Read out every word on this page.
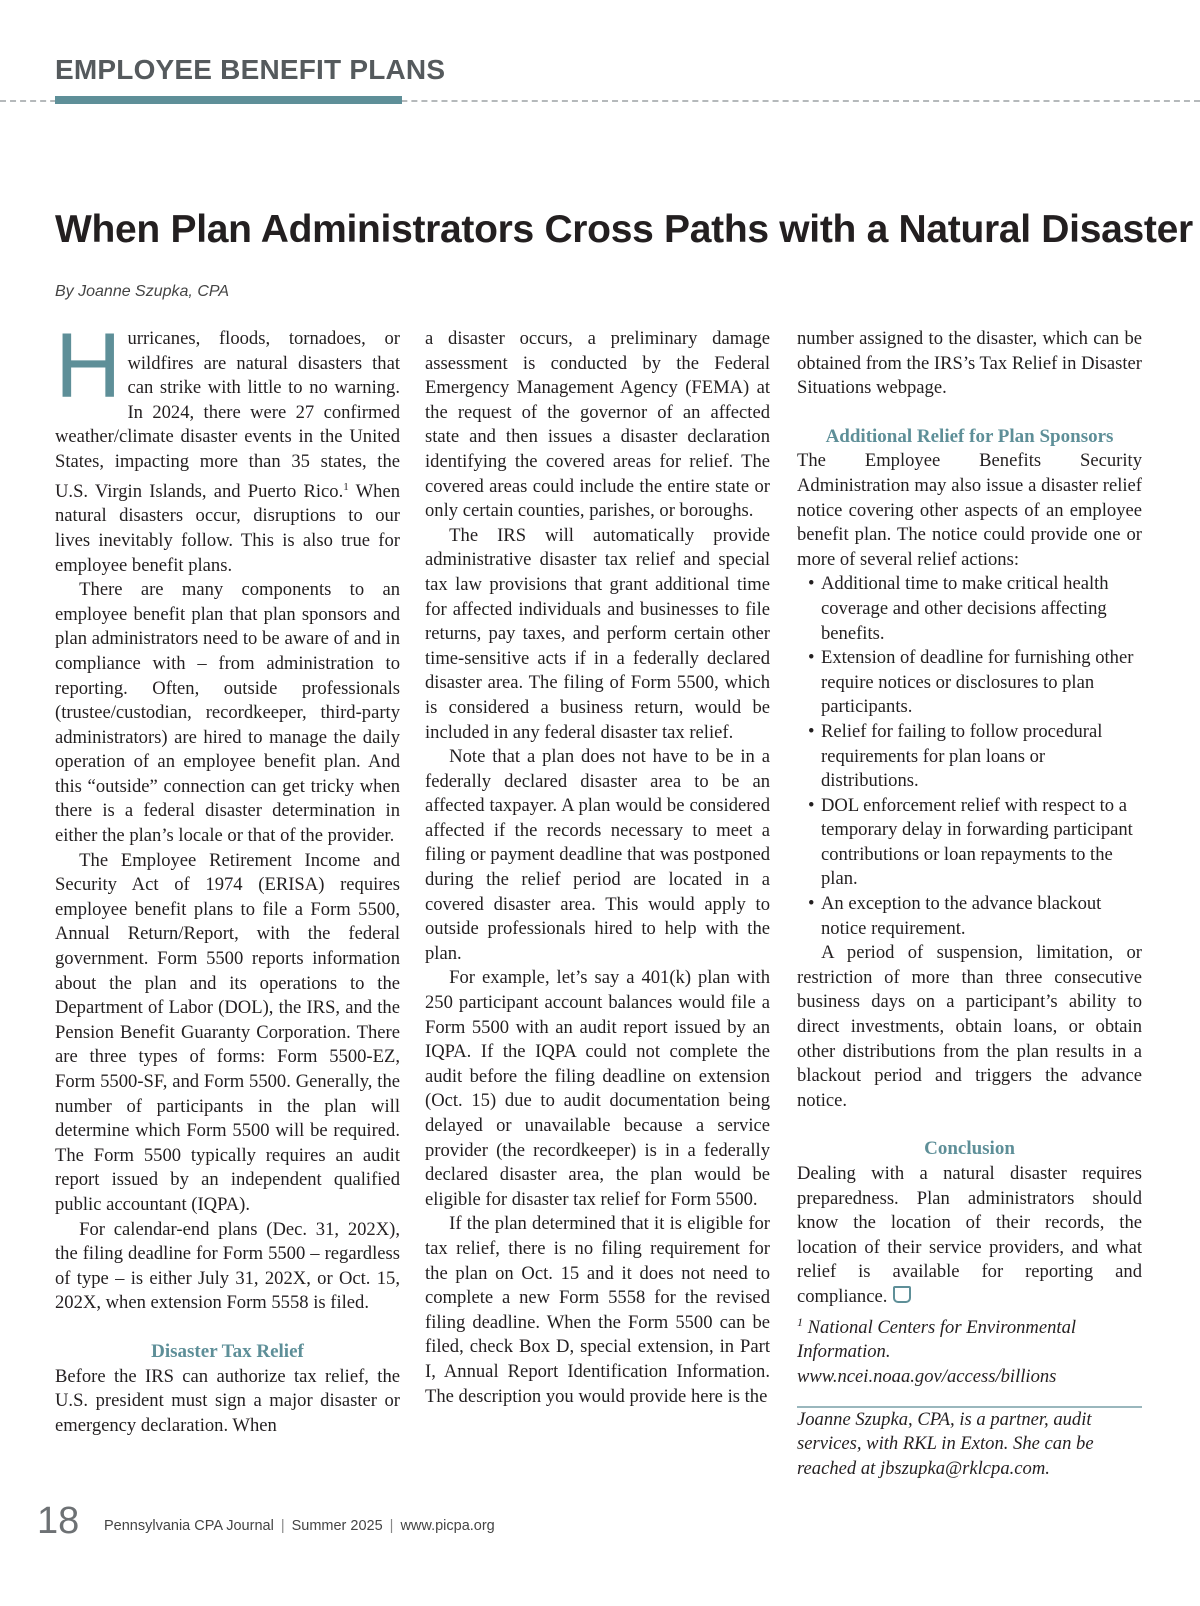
EMPLOYEE BENEFIT PLANS
When Plan Administrators Cross Paths with a Natural Disaster
By Joanne Szupka, CPA

Hurricanes, floods, tornadoes, or wildfires are natural disasters that can strike with little to no warning. In 2024, there were 27 confirmed weather/climate disaster events in the United States, impacting more than 35 states, the U.S. Virgin Islands, and Puerto Rico.$^1$ When natural disasters occur, disruptions to our lives inevitably follow. This is also true for employee benefit plans.

There are many components to an employee benefit plan that plan sponsors and plan administrators need to be aware of and in compliance with – from administration to reporting. Often, outside professionals (trustee/custodian, recordkeeper, third-party administrators) are hired to manage the daily operation of an employee benefit plan. And this “outside” connection can get tricky when there is a federal disaster determination in either the plan’s locale or that of the provider.

The Employee Retirement Income and Security Act of 1974 (ERISA) requires employee benefit plans to file a Form 5500, Annual Return/Report, with the federal government. Form 5500 reports information about the plan and its operations to the Department of Labor (DOL), the IRS, and the Pension Benefit Guaranty Corporation. There are three types of forms: Form 5500-EZ, Form 5500-SF, and Form 5500. Generally, the number of participants in the plan will determine which Form 5500 will be required. The Form 5500 typically requires an audit report issued by an independent qualified public accountant (IQPA).

For calendar-end plans (Dec. 31, 202X), the filing deadline for Form 5500 – regardless of type – is either July 31, 202X, or Oct. 15, 202X, when extension Form 5558 is filed.

Disaster Tax Relief

Before the IRS can authorize tax relief, the U.S. president must sign a major disaster or emergency declaration. When

a disaster occurs, a preliminary damage assessment is conducted by the Federal Emergency Management Agency (FEMA) at the request of the governor of an affected state and then issues a disaster declaration identifying the covered areas for relief. The covered areas could include the entire state or only certain counties, parishes, or boroughs.

The IRS will automatically provide administrative disaster tax relief and special tax law provisions that grant additional time for affected individuals and businesses to file returns, pay taxes, and perform certain other time-sensitive acts if in a federally declared disaster area. The filing of Form 5500, which is considered a business return, would be included in any federal disaster tax relief.

Note that a plan does not have to be in a federally declared disaster area to be an affected taxpayer. A plan would be considered affected if the records necessary to meet a filing or payment deadline that was postponed during the relief period are located in a covered disaster area. This would apply to outside professionals hired to help with the plan.

For example, let’s say a 401(k) plan with 250 participant account balances would file a Form 5500 with an audit report issued by an IQPA. If the IQPA could not complete the audit before the filing deadline on extension (Oct. 15) due to audit documentation being delayed or unavailable because a service provider (the recordkeeper) is in a federally declared disaster area, the plan would be eligible for disaster tax relief for Form 5500.

If the plan determined that it is eligible for tax relief, there is no filing requirement for the plan on Oct. 15 and it does not need to complete a new Form 5558 for the revised filing deadline. When the Form 5500 can be filed, check Box D, special extension, in Part I, Annual Report Identification Information. The description you would provide here is the

number assigned to the disaster, which can be obtained from the IRS’s Tax Relief in Disaster Situations webpage.

Additional Relief for Plan Sponsors

The Employee Benefits Security Administration may also issue a disaster relief notice covering other aspects of an employee benefit plan. The notice could provide one or more of several relief actions:

• Additional time to make critical health coverage and other decisions affecting benefits.
• Extension of deadline for furnishing other require notices or disclosures to plan participants.
• Relief for failing to follow procedural requirements for plan loans or distributions.
• DOL enforcement relief with respect to a temporary delay in forwarding participant contributions or loan repayments to the plan.
• An exception to the advance blackout notice requirement.

A period of suspension, limitation, or restriction of more than three consecutive business days on a participant’s ability to direct investments, obtain loans, or obtain other distributions from the plan results in a blackout period and triggers the advance notice.

Conclusion

Dealing with a natural disaster requires preparedness. Plan administrators should know the location of their records, the location of their service providers, and what relief is available for reporting and compliance.

$^1$ National Centers for Environmental Information. www.ncei.noaa.gov/access/billions

Joanne Szupka, CPA, is a partner, audit services, with RKL in Exton. She can be reached at jbszupka@rklcpa.com.

18 Pennsylvania CPA Journal | Summer 2025 | www.picpa.org
